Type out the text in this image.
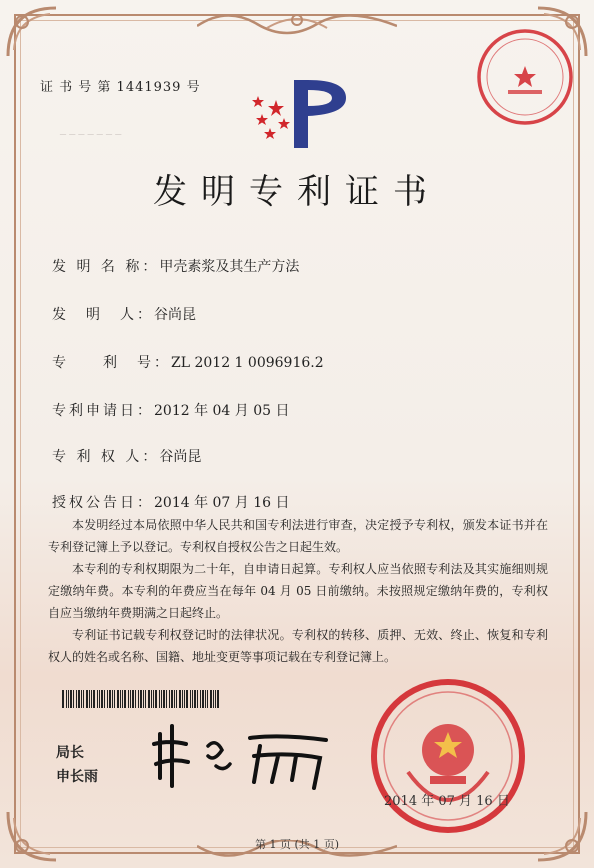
─ ─ ─ ─ ─ ─ ─
证 书 号 第 1441939 号
发明专利证书
发 明 名 称：甲壳素浆及其生产方法
发　明　人：谷尚昆
专　　利　号：ZL 2012 1 0096916.2
专利申请日：2012 年 04 月 05 日
专 利 权 人：谷尚昆
授权公告日：2014 年 07 月 16 日
本发明经过本局依照中华人民共和国专利法进行审查，决定授予专利权，颁发本证书并在专利登记簿上予以登记。专利权自授权公告之日起生效。
本专利的专利权期限为二十年，自申请日起算。专利权人应当依照专利法及其实施细则规定缴纳年费。本专利的年费应当在每年 04 月 05 日前缴纳。未按照规定缴纳年费的，专利权自应当缴纳年费期满之日起终止。
专利证书记载专利权登记时的法律状况。专利权的转移、质押、无效、终止、恢复和专利权人的姓名或名称、国籍、地址变更等事项记载在专利登记簿上。
局长
申长雨
2014 年 07 月 16 日
第 1 页 (共 1 页)
